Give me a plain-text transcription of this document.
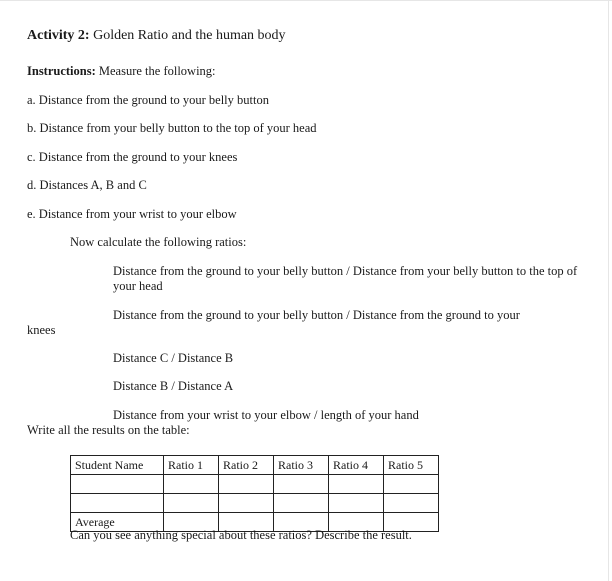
Activity 2: Golden Ratio and the human body
Instructions: Measure the following:
a. Distance from the ground to your belly button
b. Distance from your belly button to the top of your head
c. Distance from the ground to your knees
d. Distances A, B and C
e. Distance from your wrist to your elbow
Now calculate the following ratios:
Distance from the ground to your belly button / Distance from your belly button to the top of your head
Distance from the ground to your belly button / Distance from the ground to your
knees
Distance C / Distance B
Distance B / Distance A
Distance from your wrist to your elbow / length of your hand
Write all the results on the table:
Student Name	Ratio 1	Ratio 2	Ratio 3	Ratio 4	Ratio 5

Average					
Can you see anything special about these ratios? Describe the result.
